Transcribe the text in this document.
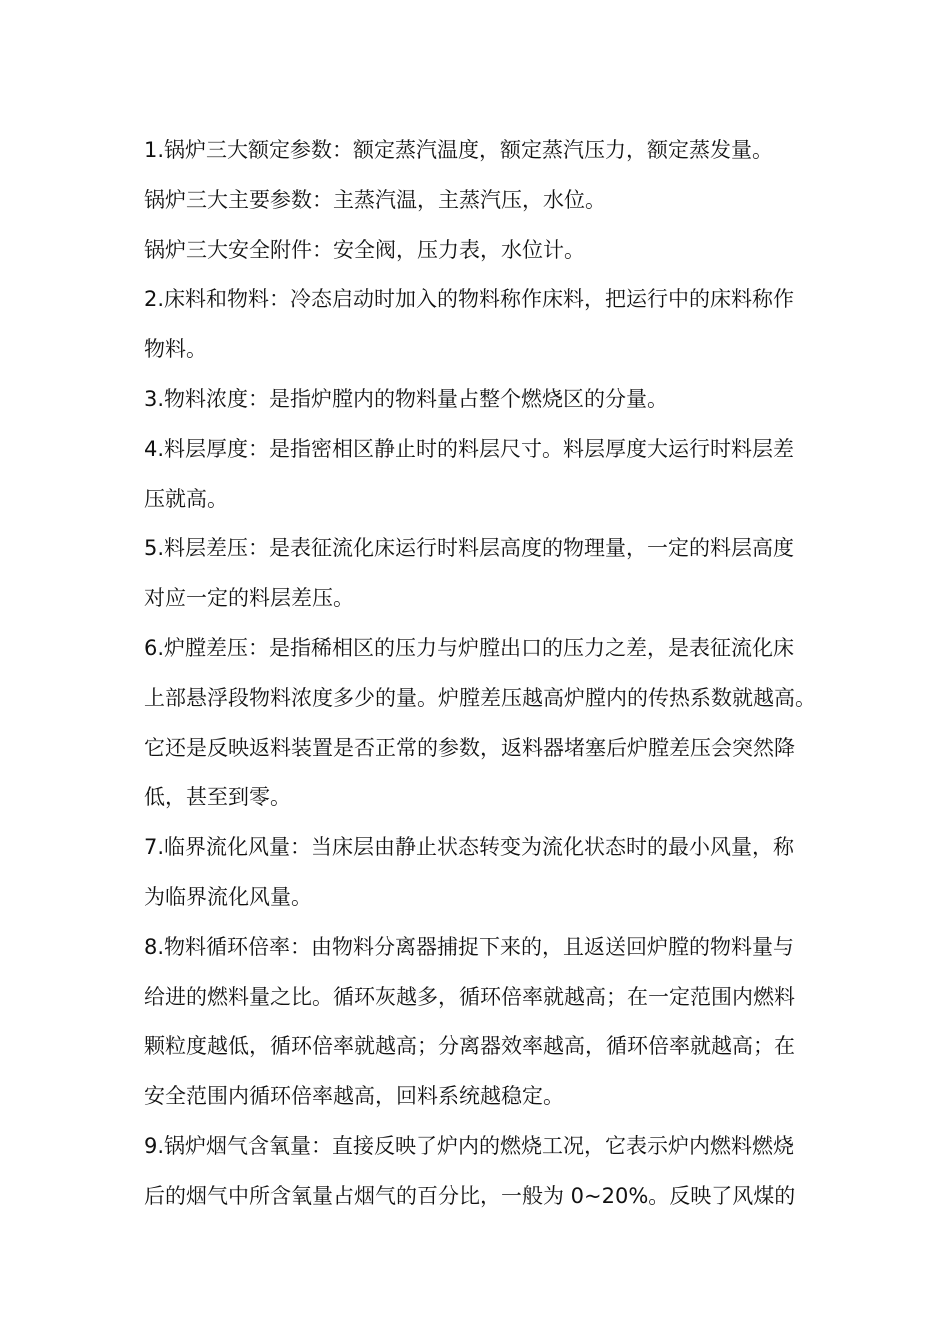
1.锅炉三大额定参数：额定蒸汽温度，额定蒸汽压力，额定蒸发量。
锅炉三大主要参数：主蒸汽温，主蒸汽压，水位。
锅炉三大安全附件：安全阀，压力表，水位计。
2.床料和物料：冷态启动时加入的物料称作床料，把运行中的床料称作
物料。
3.物料浓度：是指炉膛内的物料量占整个燃烧区的分量。
4.料层厚度：是指密相区静止时的料层尺寸。料层厚度大运行时料层差
压就高。
5.料层差压：是表征流化床运行时料层高度的物理量，一定的料层高度
对应一定的料层差压。
6.炉膛差压：是指稀相区的压力与炉膛出口的压力之差，是表征流化床
上部悬浮段物料浓度多少的量。炉膛差压越高炉膛内的传热系数就越高。
它还是反映返料装置是否正常的参数，返料器堵塞后炉膛差压会突然降
低，甚至到零。
7.临界流化风量：当床层由静止状态转变为流化状态时的最小风量，称
为临界流化风量。
8.物料循环倍率：由物料分离器捕捉下来的，且返送回炉膛的物料量与
给进的燃料量之比。循环灰越多，循环倍率就越高；在一定范围内燃料
颗粒度越低，循环倍率就越高；分离器效率越高，循环倍率就越高；在
安全范围内循环倍率越高，回料系统越稳定。
9.锅炉烟气含氧量：直接反映了炉内的燃烧工况，它表示炉内燃料燃烧
后的烟气中所含氧量占烟气的百分比，一般为 0~20%。反映了风煤的
